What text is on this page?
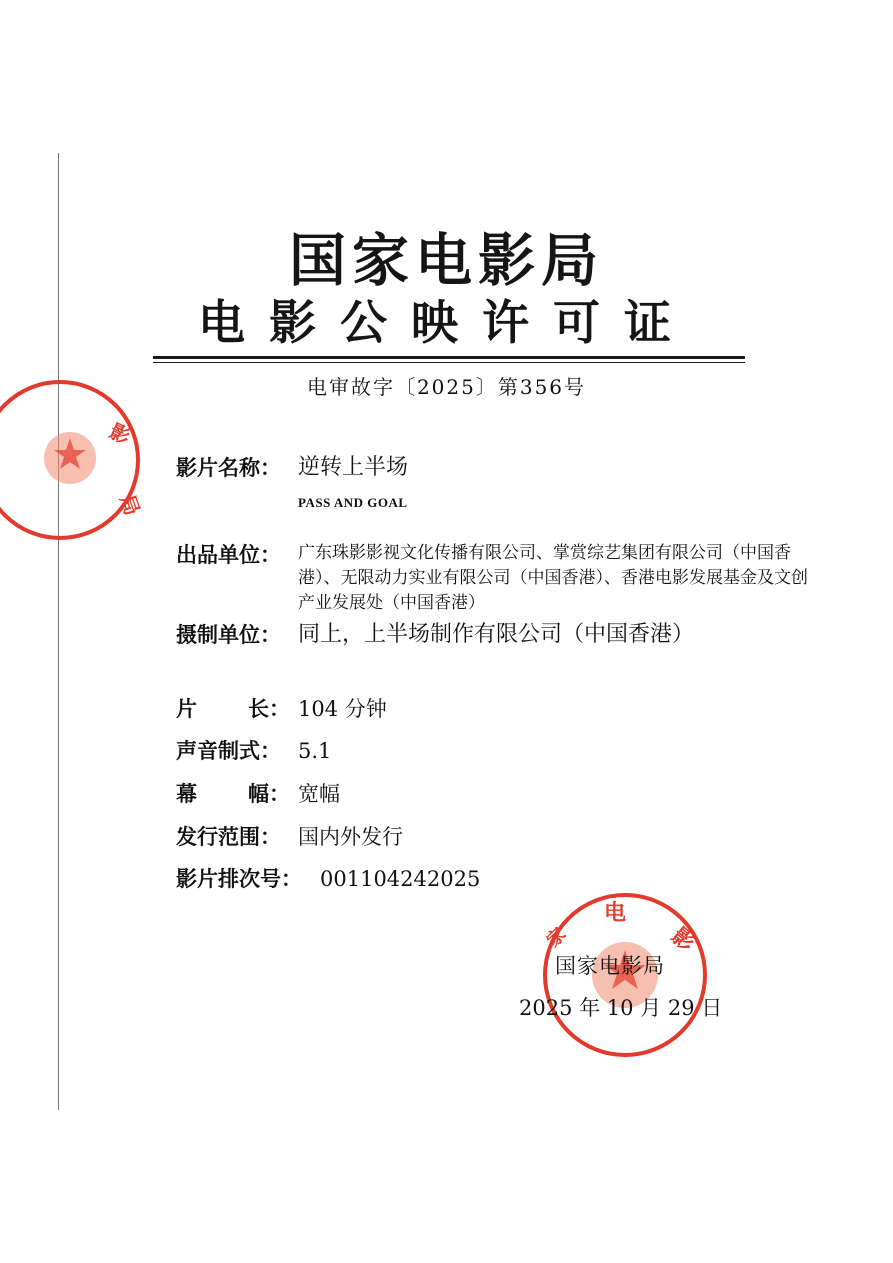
影
局
国家电影局
电影公映许可证
电审故字〔2025〕第356号
影片名称： 逆转上半场
PASS AND GOAL
出品单位：	广东珠影影视文化传播有限公司、掌赏综艺集团有限公司（中国香港）、无限动力实业有限公司（中国香港）、香港电影发展基金及文创产业发展处（中国香港）
摄制单位： 同上，上半场制作有限公司（中国香港）
片 长： 104 分钟
声音制式： 5.1
幕 幅： 宽幅
发行范围： 国内外发行
影片排次号： 001104242025
电
影
家
国家电影局
2025 年 10 月 29 日
